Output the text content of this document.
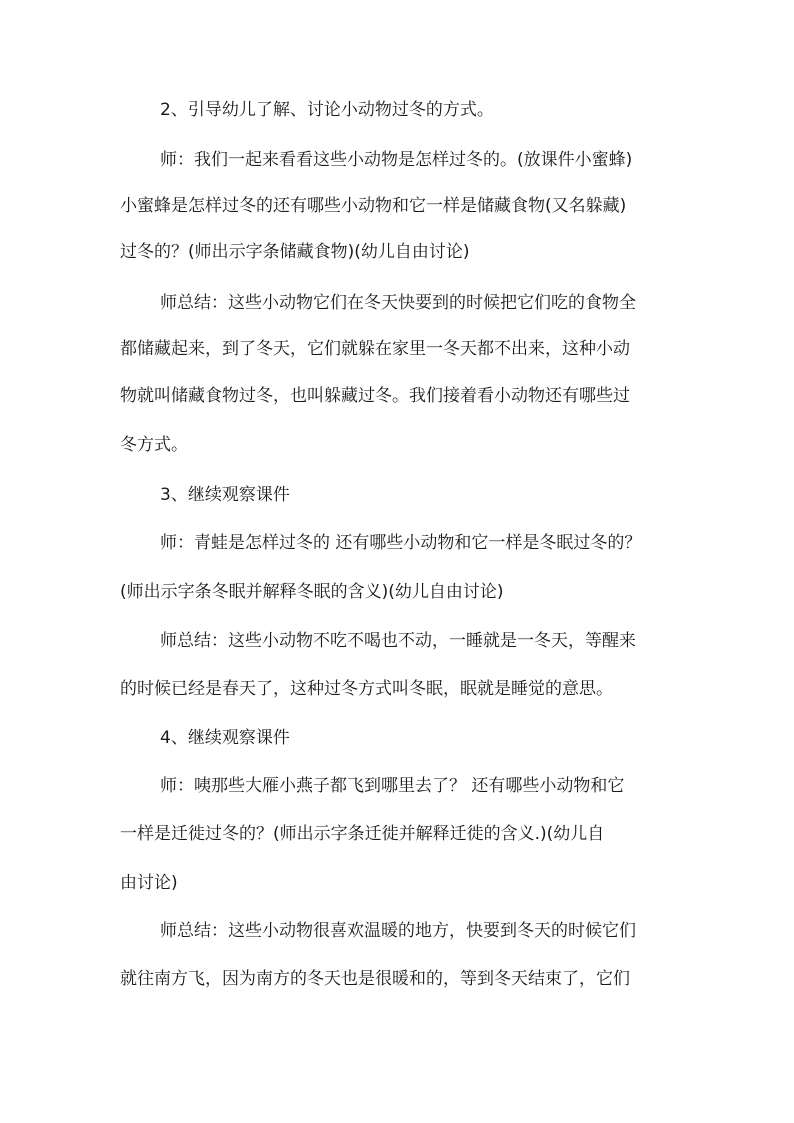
2、引导幼儿了解、讨论小动物过冬的方式。
师：我们一起来看看这些小动物是怎样过冬的。(放课件小蜜蜂)
小蜜蜂是怎样过冬的还有哪些小动物和它一样是储藏食物(又名躲藏)
过冬的？(师出示字条储藏食物)(幼儿自由讨论)
师总结：这些小动物它们在冬天快要到的时候把它们吃的食物全
都储藏起来，到了冬天，它们就躲在家里一冬天都不出来，这种小动
物就叫储藏食物过冬，也叫躲藏过冬。我们接着看小动物还有哪些过
冬方式。
3、继续观察课件
师：青蛙是怎样过冬的 还有哪些小动物和它一样是冬眠过冬的？
(师出示字条冬眠并解释冬眠的含义)(幼儿自由讨论)
师总结：这些小动物不吃不喝也不动，一睡就是一冬天，等醒来
的时候已经是春天了，这种过冬方式叫冬眠，眠就是睡觉的意思。
4、继续观察课件
师：咦那些大雁小燕子都飞到哪里去了？ 还有哪些小动物和它
一样是迁徙过冬的？(师出示字条迁徙并解释迁徙的含义.)(幼儿自
由讨论)
师总结：这些小动物很喜欢温暖的地方，快要到冬天的时候它们
就往南方飞，因为南方的冬天也是很暖和的，等到冬天结束了，它们
